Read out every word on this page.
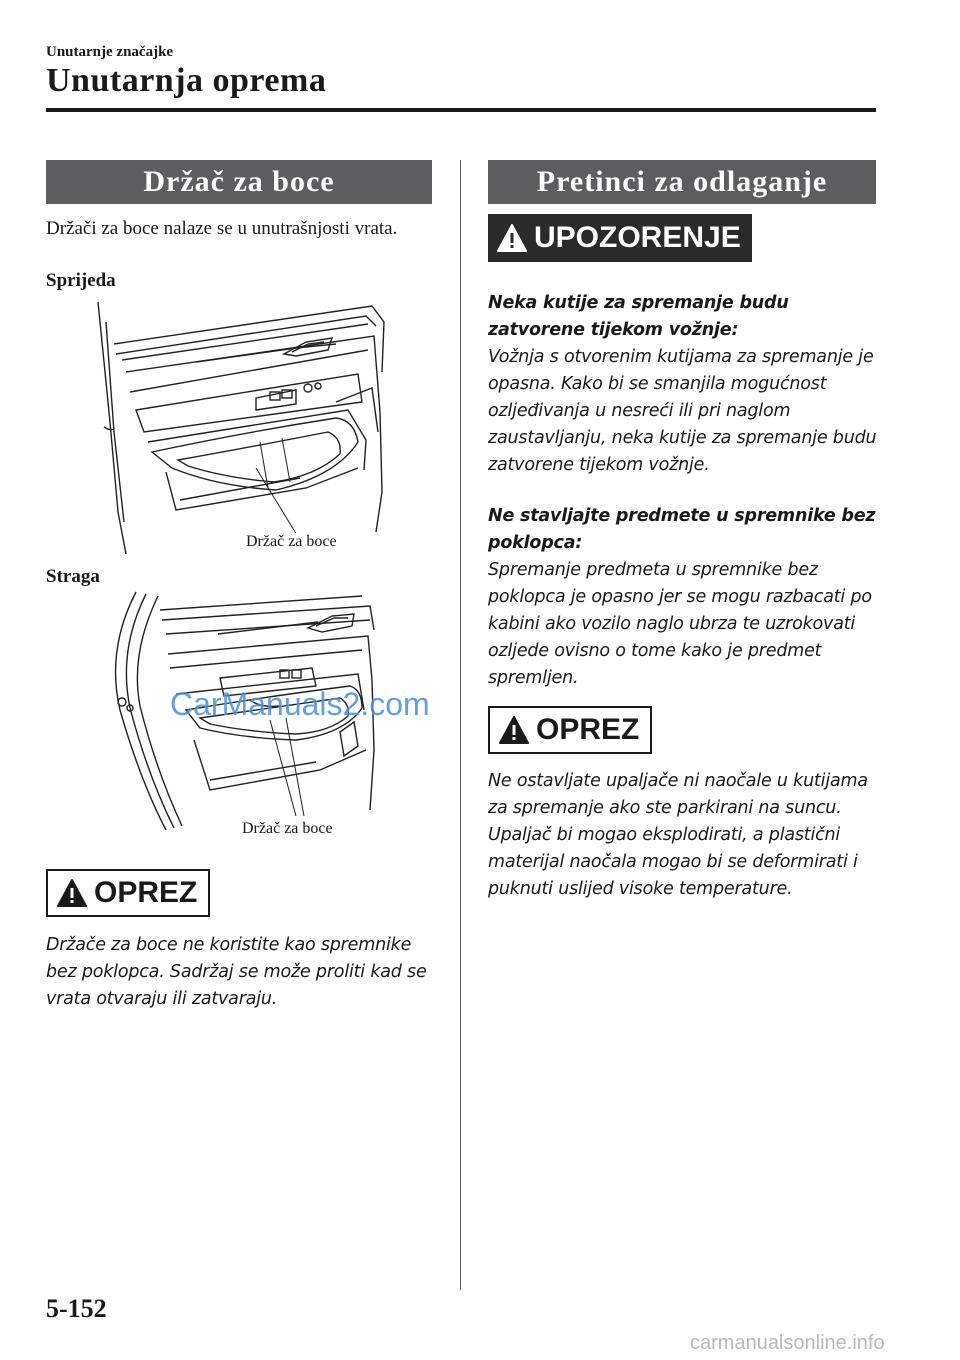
Unutarnje značajke
Unutarnja oprema
Držač za boce
Držači za boce nalaze se u unutrašnjosti vrata.
Sprijeda
Držač za boce
Straga
Držač za boce
CarManuals2.com
OPREZ

Držače za boce ne koristite kao spremnike bez poklopca. Sadržaj se može proliti kad se vrata otvaraju ili zatvaraju.

Pretinci za odlaganje
UPOZORENJE

Neka kutije za spremanje budu zatvorene tijekom vožnje:

Vožnja s otvorenim kutijama za spremanje je opasna. Kako bi se smanjila mogućnost ozljeđivanja u nesreći ili pri naglom zaustavljanju, neka kutije za spremanje budu zatvorene tijekom vožnje.

Ne stavljajte predmete u spremnike bez poklopca:

Spremanje predmeta u spremnike bez poklopca je opasno jer se mogu razbacati po kabini ako vozilo naglo ubrza te uzrokovati ozljede ovisno o tome kako je predmet spremljen.

OPREZ

Ne ostavljate upaljače ni naočale u kutijama za spremanje ako ste parkirani na suncu. Upaljač bi mogao eksplodirati, a plastični materijal naočala mogao bi se deformirati i puknuti uslijed visoke temperature.

5-152
carmanualsonline.info
